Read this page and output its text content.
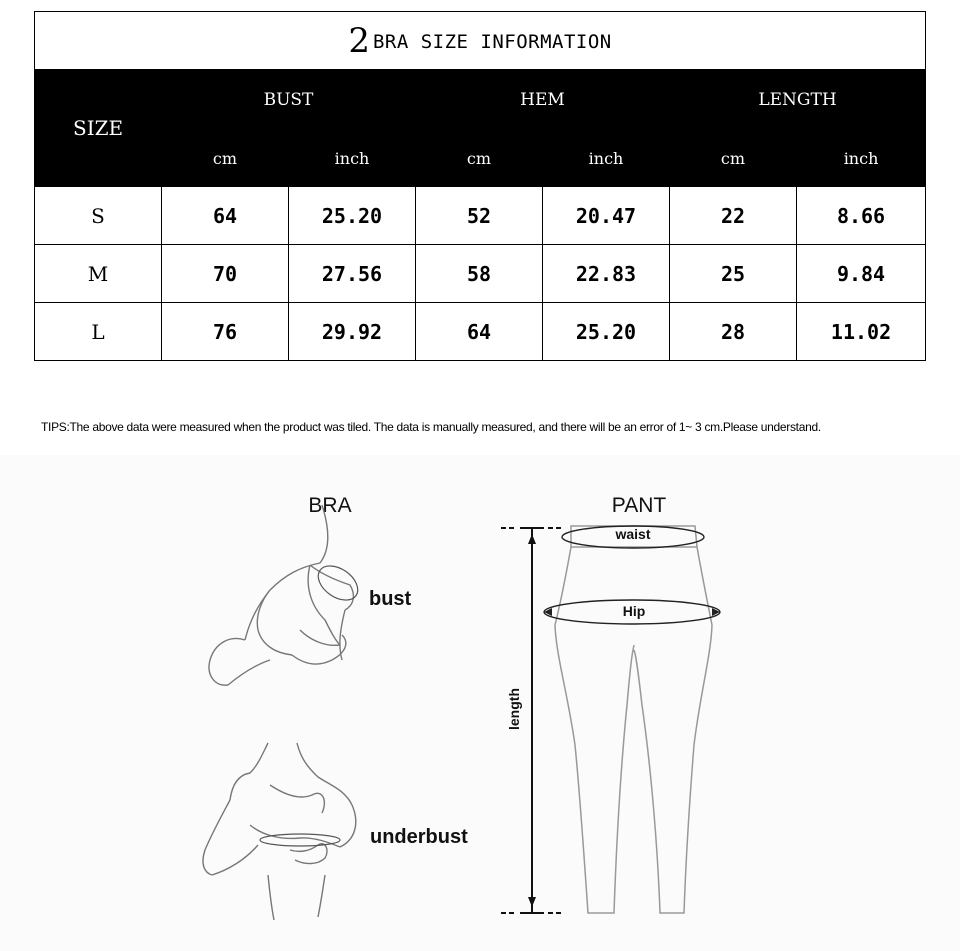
2 BRA SIZE INFORMATION						
SIZE	BUST		HEM		LENGTH	
	cm	inch	cm	inch	cm	inch
S	64	25.20	52	20.47	22	8.66
M	70	27.56	58	22.83	25	9.84
L	76	29.92	64	25.20	28	11.02
TIPS:The above data were measured when the product was tiled. The data is manually measured, and there will be an error of 1~ 3 cm.Please understand.
BRA
bust
underbust
PANT
length
waist
Hip
